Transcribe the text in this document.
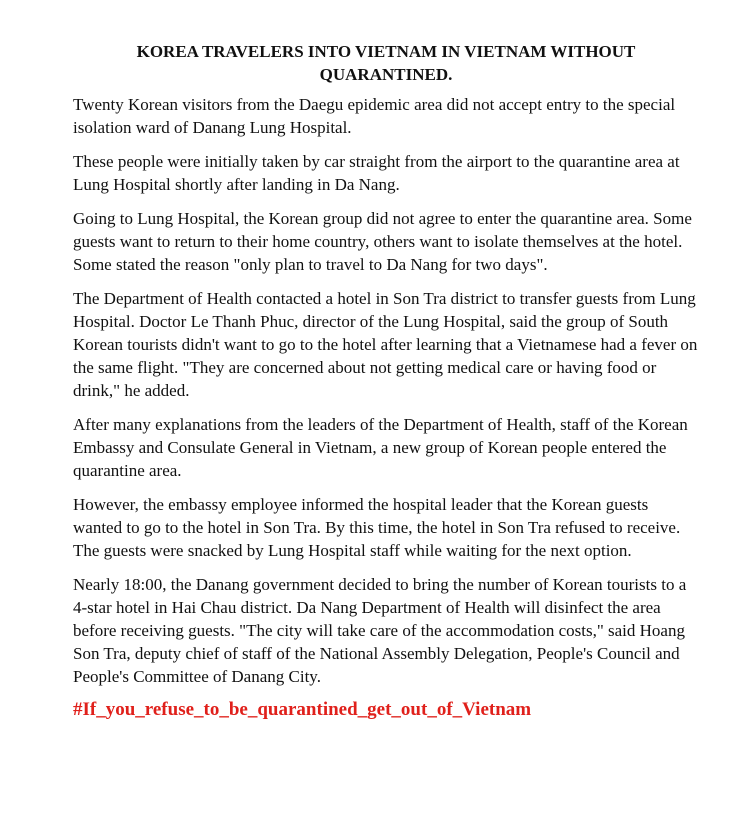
KOREA TRAVELERS INTO VIETNAM IN VIETNAM WITHOUT QUARANTINED.

Twenty Korean visitors from the Daegu epidemic area did not accept entry to the special isolation ward of Danang Lung Hospital.

These people were initially taken by car straight from the airport to the quarantine area at Lung Hospital shortly after landing in Da Nang.

Going to Lung Hospital, the Korean group did not agree to enter the quarantine area. Some guests want to return to their home country, others want to isolate themselves at the hotel. Some stated the reason "only plan to travel to Da Nang for two days".

The Department of Health contacted a hotel in Son Tra district to transfer guests from Lung Hospital. Doctor Le Thanh Phuc, director of the Lung Hospital, said the group of South Korean tourists didn't want to go to the hotel after learning that a Vietnamese had a fever on the same flight. "They are concerned about not getting medical care or having food or drink," he added.

After many explanations from the leaders of the Department of Health, staff of the Korean Embassy and Consulate General in Vietnam, a new group of Korean people entered the quarantine area.

However, the embassy employee informed the hospital leader that the Korean guests wanted to go to the hotel in Son Tra. By this time, the hotel in Son Tra refused to receive. The guests were snacked by Lung Hospital staff while waiting for the next option.

Nearly 18:00, the Danang government decided to bring the number of Korean tourists to a 4-star hotel in Hai Chau district. Da Nang Department of Health will disinfect the area before receiving guests. "The city will take care of the accommodation costs," said Hoang Son Tra, deputy chief of staff of the National Assembly Delegation, People's Council and People's Committee of Danang City.

#If_you_refuse_to_be_quarantined_get_out_of_Vietnam
